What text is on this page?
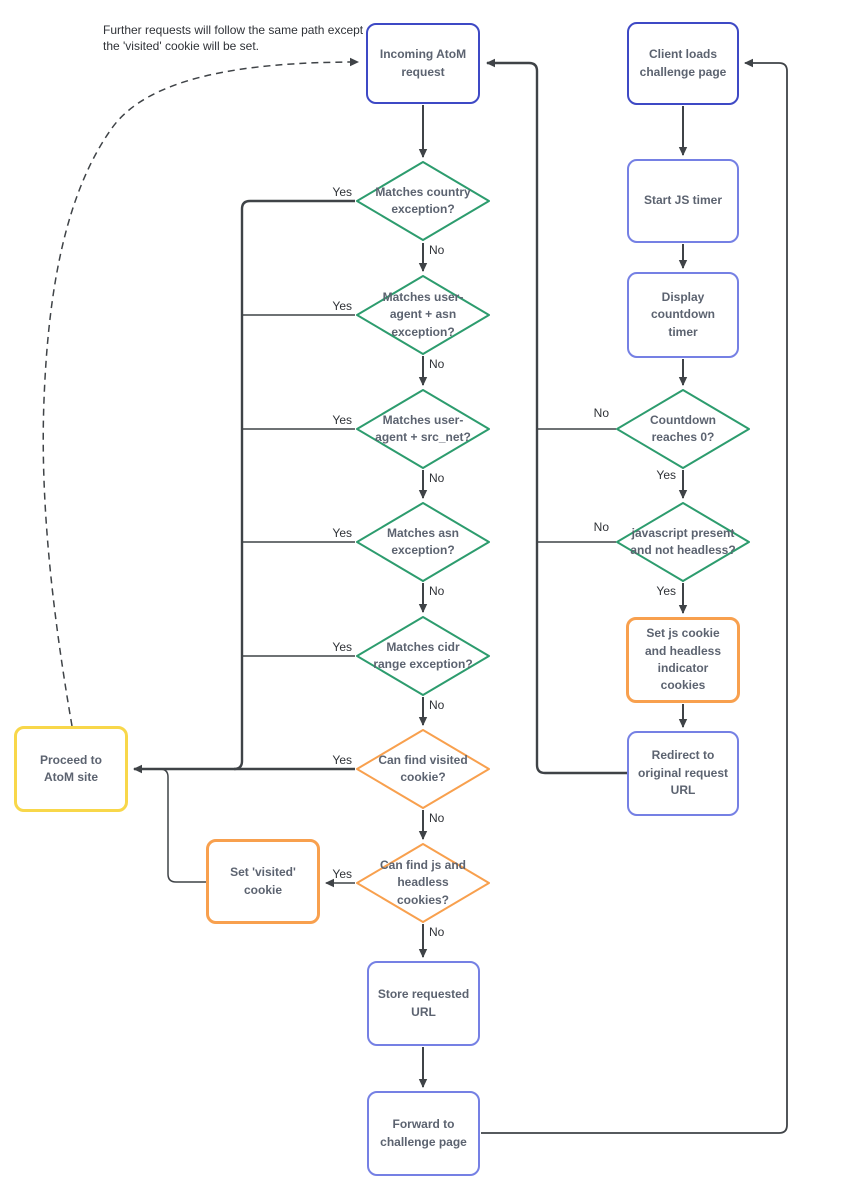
Further requests will follow the same path except the 'visited' cookie will be set.
Incoming AtoM request
Client loads challenge page
Start JS timer
Display countdown timer
Set js cookie and headless indicator cookies
Redirect to original request URL
Store requested URL
Forward to challenge page
Proceed to AtoM site
Set 'visited' cookie
Matches country exception?
Matches user-agent + asn exception?
Matches user-agent + src_net?
Matches asn exception?
Matches cidr range exception?
Can find visited cookie?
Can find js and headless cookies?
Countdown reaches 0?
javascript present and not headless?
Yes
Yes
Yes
Yes
Yes
Yes
Yes
No
No
No
No
No
No
No
No
No
Yes
Yes
